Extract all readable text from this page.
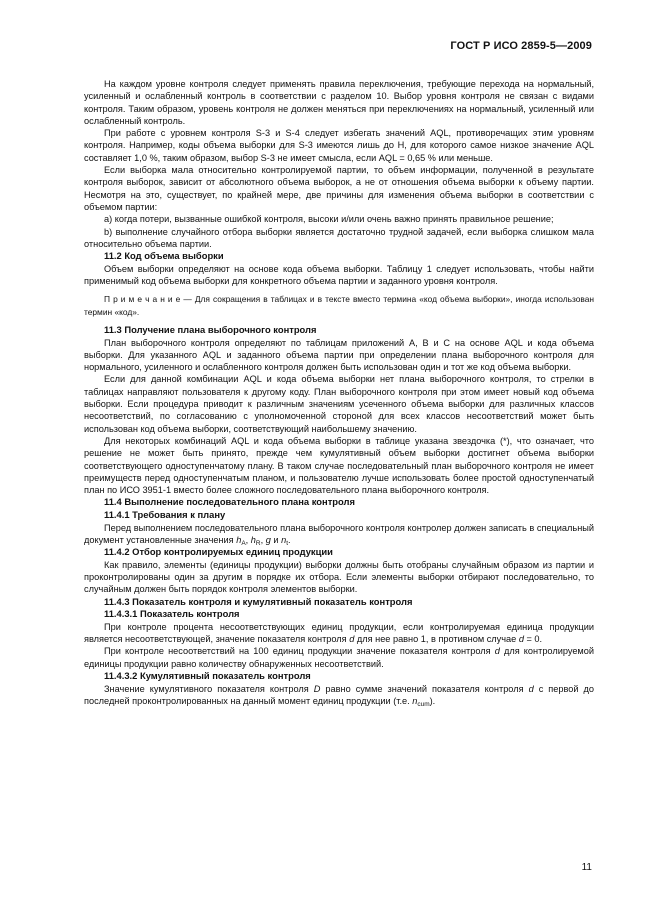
ГОСТ Р ИСО 2859-5—2009

На каждом уровне контроля следует применять правила переключения, требующие перехода на нормальный, усиленный и ослабленный контроль в соответствии с разделом 10. Выбор уровня контроля не связан с видами контроля. Таким образом, уровень контроля не должен меняться при переключениях на нормальный, усиленный или ослабленный контроль.

При работе с уровнем контроля S-3 и S-4 следует избегать значений AQL, противоречащих этим уровням контроля. Например, коды объема выборки для S-3 имеются лишь до H, для которого самое низкое значение AQL составляет 1,0 %, таким образом, выбор S-3 не имеет смысла, если AQL = 0,65 % или меньше.

Если выборка мала относительно контролируемой партии, то объем информации, полученной в результате контроля выборок, зависит от абсолютного объема выборок, а не от отношения объема выборки к объему партии. Несмотря на это, существует, по крайней мере, две причины для изменения объема выборки в соответствии с объемом партии:

а) когда потери, вызванные ошибкой контроля, высоки и/или очень важно принять правильное решение;

b) выполнение случайного отбора выборки является достаточно трудной задачей, если выборка слишком мала относительно объема партии.

11.2 Код объема выборки

Объем выборки определяют на основе кода объема выборки. Таблицу 1 следует использовать, чтобы найти применимый код объема выборки для конкретного объема партии и заданного уровня контроля.

П р и м е ч а н и е — Для сокращения в таблицах и в тексте вместо термина «код объема выборки», иногда использован термин «код».

11.3 Получение плана выборочного контроля

План выборочного контроля определяют по таблицам приложений A, B и C на основе AQL и кода объема выборки. Для указанного AQL и заданного объема партии при определении плана выборочного контроля для нормального, усиленного и ослабленного контроля должен быть использован один и тот же код объема выборки.

Если для данной комбинации AQL и кода объема выборки нет плана выборочного контроля, то стрелки в таблицах направляют пользователя к другому коду. План выборочного контроля при этом имеет новый код объема выборки. Если процедура приводит к различным значениям усеченного объема выборки для различных классов несоответствий, по согласованию с уполномоченной стороной для всех классов несоответствий может быть использован код объема выборки, соответствующий наибольшему значению.

Для некоторых комбинаций AQL и кода объема выборки в таблице указана звездочка (*), что означает, что решение не может быть принято, прежде чем кумулятивный объем выборки достигнет объема выборки соответствующего одноступенчатому плану. В таком случае последовательный план выборочного контроля не имеет преимуществ перед одноступенчатым планом, и пользователю лучше использовать более простой одноступенчатый план по ИСО 3951-1 вместо более сложного последовательного плана выборочного контроля.

11.4 Выполнение последовательного плана контроля
11.4.1 Требования к плану

Перед выполнением последовательного плана выборочного контроля контролер должен записать в специальный документ установленные значения $h_A$, $h_R$, g и $n_t$.

11.4.2 Отбор контролируемых единиц продукции

Как правило, элементы (единицы продукции) выборки должны быть отобраны случайным образом из партии и проконтролированы один за другим в порядке их отбора. Если элементы выборки отбирают последовательно, то случайным должен быть порядок контроля элементов выборки.

11.4.3 Показатель контроля и кумулятивный показатель контроля
11.4.3.1 Показатель контроля

При контроле процента несоответствующих единиц продукции, если контролируемая единица продукции является несоответствующей, значение показателя контроля d для нее равно 1, в противном случае d = 0.

При контроле несоответствий на 100 единиц продукции значение показателя контроля d для контролируемой единицы продукции равно количеству обнаруженных несоответствий.

11.4.3.2 Кумулятивный показатель контроля

Значение кумулятивного показателя контроля D равно сумме значений показателя контроля d с первой до последней проконтролированных на данный момент единиц продукции (т.е. $n_{cum}$).

11
